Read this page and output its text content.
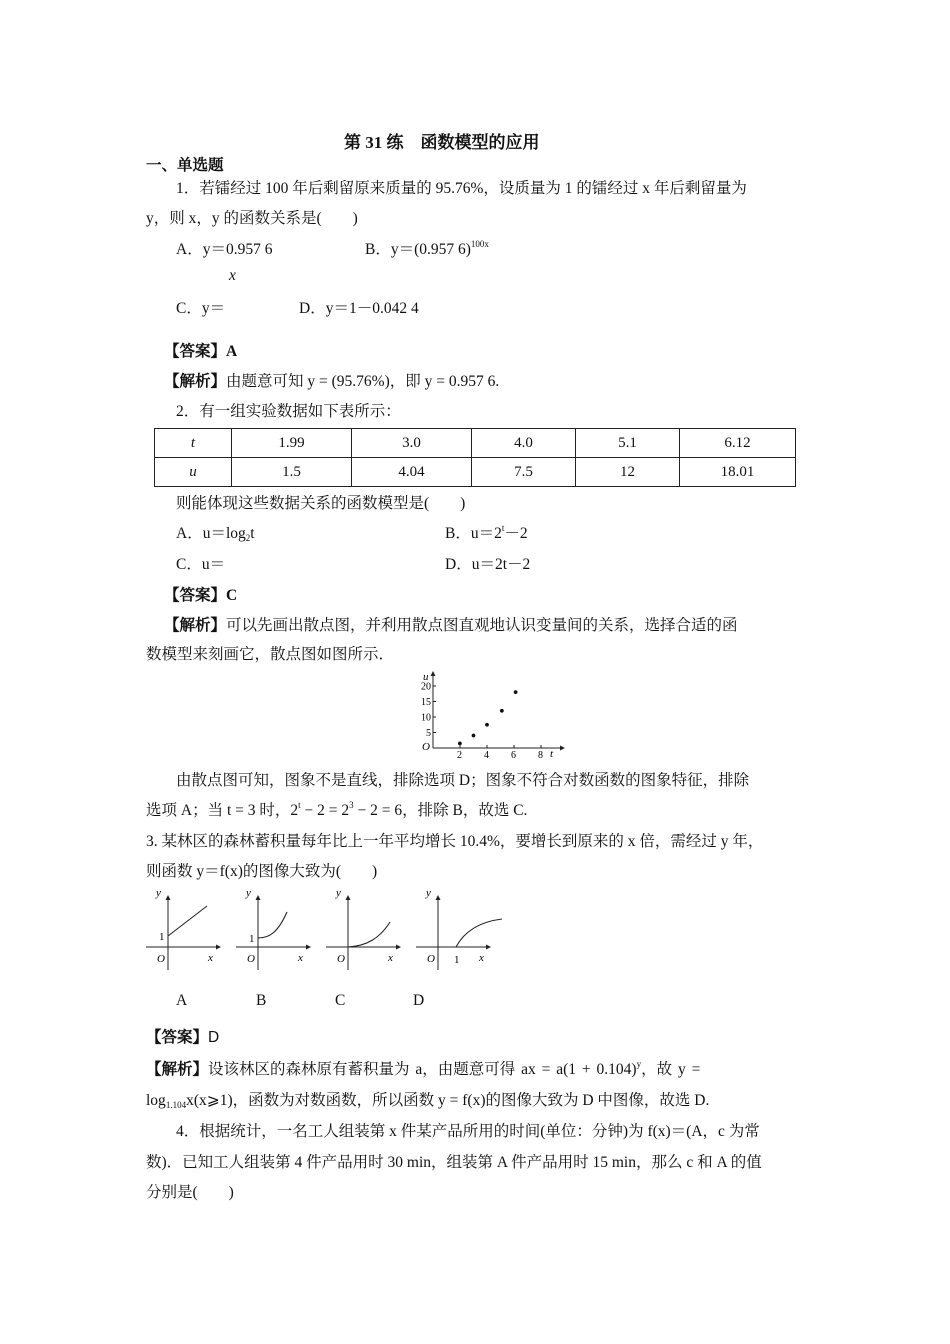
第 31 练　函数模型的应用
一、单选题
1．若镭经过 100 年后剩留原来质量的 95.76%，设质量为 1 的镭经过 x 年后剩留量为
y，则 x，y 的函数关系是(　　)
A．y＝0.957 6	B．y＝(0.957 6)$^{100x}$
x
C．y＝	D．y＝1－0.042 4
【答案】A
【解析】由题意可知 y = (95.76%)，即 y = 0.957 6.
2．有一组实验数据如下表所示：
t	1.99	3.0	4.0	5.1	6.12
u	1.5	4.04	7.5	12	18.01
则能体现这些数据关系的函数模型是(　　)
A．$u=\log_2t$	B．$u=2^t-2$
C．u＝	D．u＝2t－2
【答案】C
【解析】可以先画出散点图，并利用散点图直观地认识变量间的关系，选择合适的函
数模型来刻画它，散点图如图所示．
2 4 6 8
5
10
15
20
O
t
u
由散点图可知，图象不是直线，排除选项 D；图象不符合对数函数的图象特征，排除
选项 A；当 t = 3 时，$2^t - 2 = 2^3 - 2 = 6$，排除 B，故选 C.
3. 某林区的森林蓄积量每年比上一年平均增长 10.4%，要增长到原来的 x 倍，需经过 y 年，
则函数 y＝f(x)的图像大致为(　　)
y
x
O
1
y
x
O
1
y
x
O
y
x
O 1
A	B	C	D
【答案】D
【解析】设该林区的森林原有蓄积量为 a，由题意可得 ax = $a(1 + 0.104)^y$，故 y =
$\log_{1.104}x(x⩾1)$，函数为对数函数，所以函数 y = f(x)的图像大致为 D 中图像，故选 D.
4．根据统计，一名工人组装第 x 件某产品所用的时间(单位：分钟)为 f(x)＝(A，c 为常
数)．已知工人组装第 4 件产品用时 30 min，组装第 A 件产品用时 15 min，那么 c 和 A 的值
分别是(　　)
